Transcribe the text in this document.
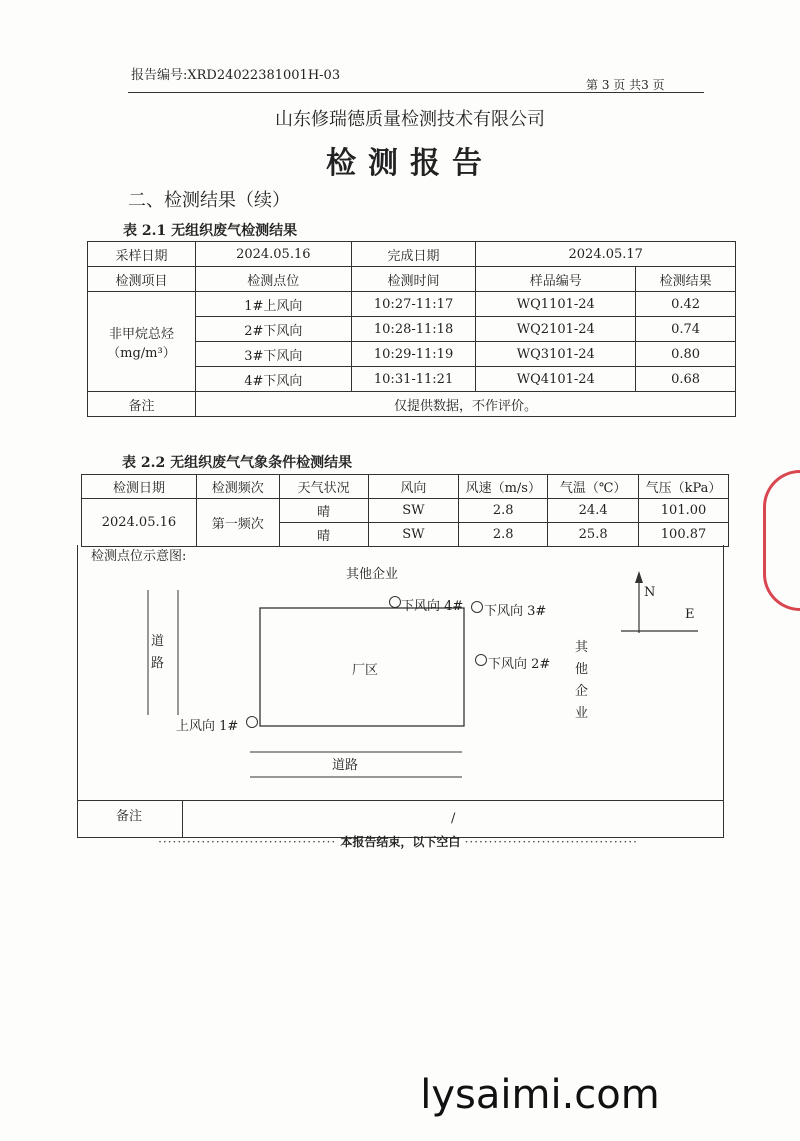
报告编号:XRD24022381001H-03
第 3 页 共3 页
山东修瑞德质量检测技术有限公司
检测报告
二、检测结果（续）
表 2.1 无组织废气检测结果
采样日期	2024.05.16	完成日期	2024.05.17	
检测项目	检测点位	检测时间	样品编号	检测结果

非甲烷总烃
（mg/m³）	1#上风向	10:27-11:17	WQ1101-24	0.42
	2#下风向	10:28-11:18	WQ2101-24	0.74
	3#下风向	10:29-11:19	WQ3101-24	0.80
	4#下风向	10:31-11:21	WQ4101-24	0.68
备注	仅提供数据，不作评价。			
表 2.2 无组织废气气象条件检测结果
检测日期	检测频次	天气状况	风向	风速（m/s）	气温（℃）	气压（kPa）
2024.05.16	第一频次	晴	SW	2.8	24.4	101.00
		晴	SW	2.8	25.8	100.87
检测点位示意图:
其他企业
道
路	厂区
下风向 4# 下风向 3#
下风向 2#
上风向 1#
道路
其
他
企
业
N
E
备注	/
····································· 本报告结束，以下空白 ····································
lysaimi.com
